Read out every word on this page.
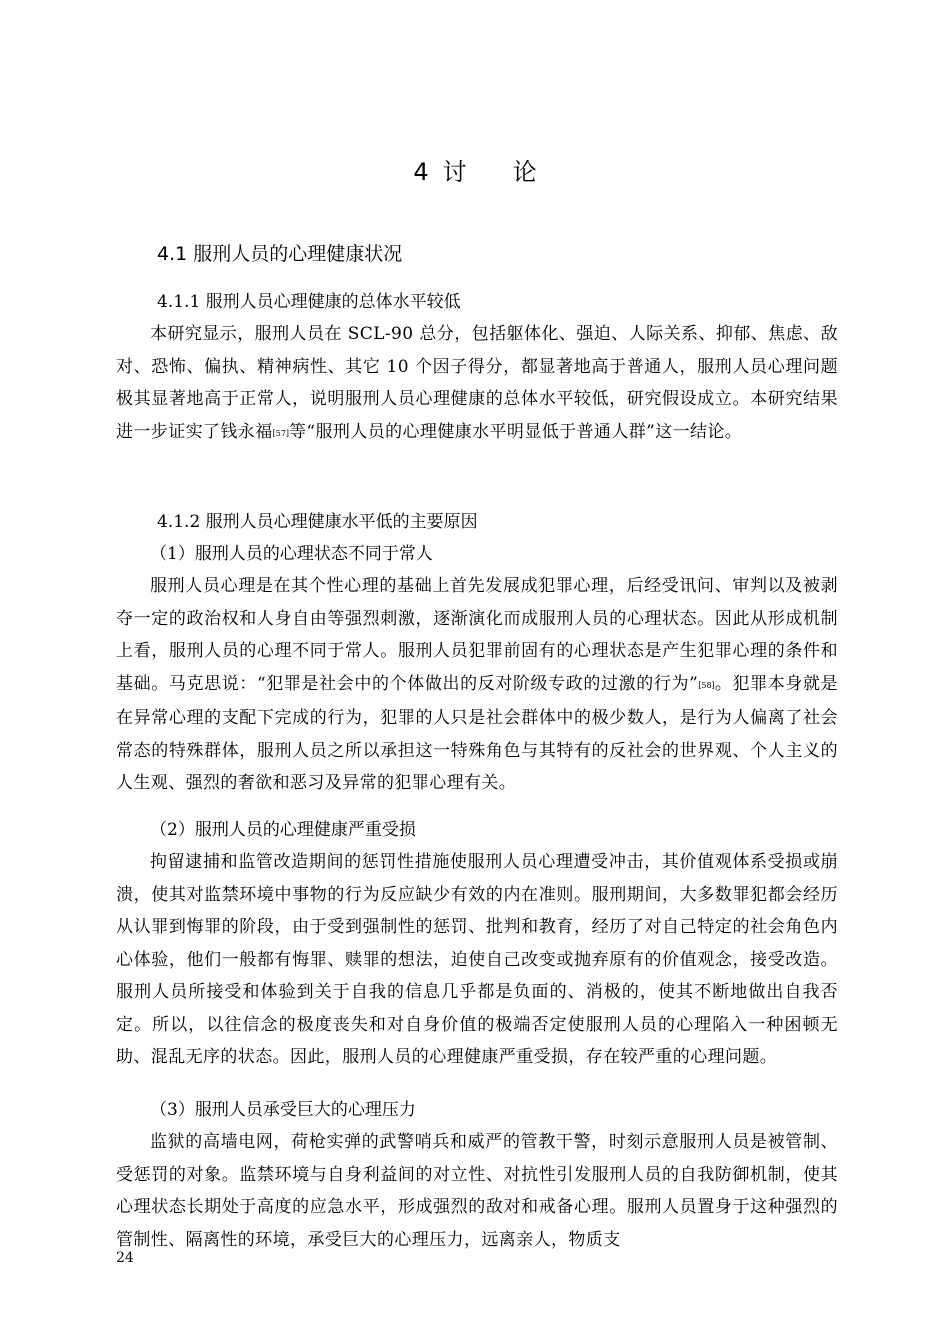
4 讨 论
4.1 服刑人员的心理健康状况
4.1.1 服刑人员心理健康的总体水平较低

本研究显示，服刑人员在 SCL-90 总分，包括躯体化、强迫、人际关系、抑郁、焦虑、敌对、恐怖、偏执、精神病性、其它 10 个因子得分，都显著地高于普通人，服刑人员心理问题极其显著地高于正常人，说明服刑人员心理健康的总体水平较低，研究假设成立。本研究结果进一步证实了钱永福[57]等“服刑人员的心理健康水平明显低于普通人群”这一结论。

4.1.2 服刑人员心理健康水平低的主要原因
（1）服刑人员的心理状态不同于常人

服刑人员心理是在其个性心理的基础上首先发展成犯罪心理，后经受讯问、审判以及被剥夺一定的政治权和人身自由等强烈刺激，逐渐演化而成服刑人员的心理状态。因此从形成机制上看，服刑人员的心理不同于常人。服刑人员犯罪前固有的心理状态是产生犯罪心理的条件和基础。马克思说：“犯罪是社会中的个体做出的反对阶级专政的过激的行为”[58]。犯罪本身就是在异常心理的支配下完成的行为，犯罪的人只是社会群体中的极少数人，是行为人偏离了社会常态的特殊群体，服刑人员之所以承担这一特殊角色与其特有的反社会的世界观、个人主义的人生观、强烈的奢欲和恶习及异常的犯罪心理有关。

（2）服刑人员的心理健康严重受损

拘留逮捕和监管改造期间的惩罚性措施使服刑人员心理遭受冲击，其价值观体系受损或崩溃，使其对监禁环境中事物的行为反应缺少有效的内在准则。服刑期间，大多数罪犯都会经历从认罪到悔罪的阶段，由于受到强制性的惩罚、批判和教育，经历了对自己特定的社会角色内心体验，他们一般都有悔罪、赎罪的想法，迫使自己改变或抛弃原有的价值观念，接受改造。服刑人员所接受和体验到关于自我的信息几乎都是负面的、消极的，使其不断地做出自我否定。所以，以往信念的极度丧失和对自身价值的极端否定使服刑人员的心理陷入一种困顿无助、混乱无序的状态。因此，服刑人员的心理健康严重受损，存在较严重的心理问题。

（3）服刑人员承受巨大的心理压力

监狱的高墙电网，荷枪实弹的武警哨兵和威严的管教干警，时刻示意服刑人员是被管制、受惩罚的对象。监禁环境与自身利益间的对立性、对抗性引发服刑人员的自我防御机制，使其心理状态长期处于高度的应急水平，形成强烈的敌对和戒备心理。服刑人员置身于这种强烈的管制性、隔离性的环境，承受巨大的心理压力，远离亲人，物质支

24
